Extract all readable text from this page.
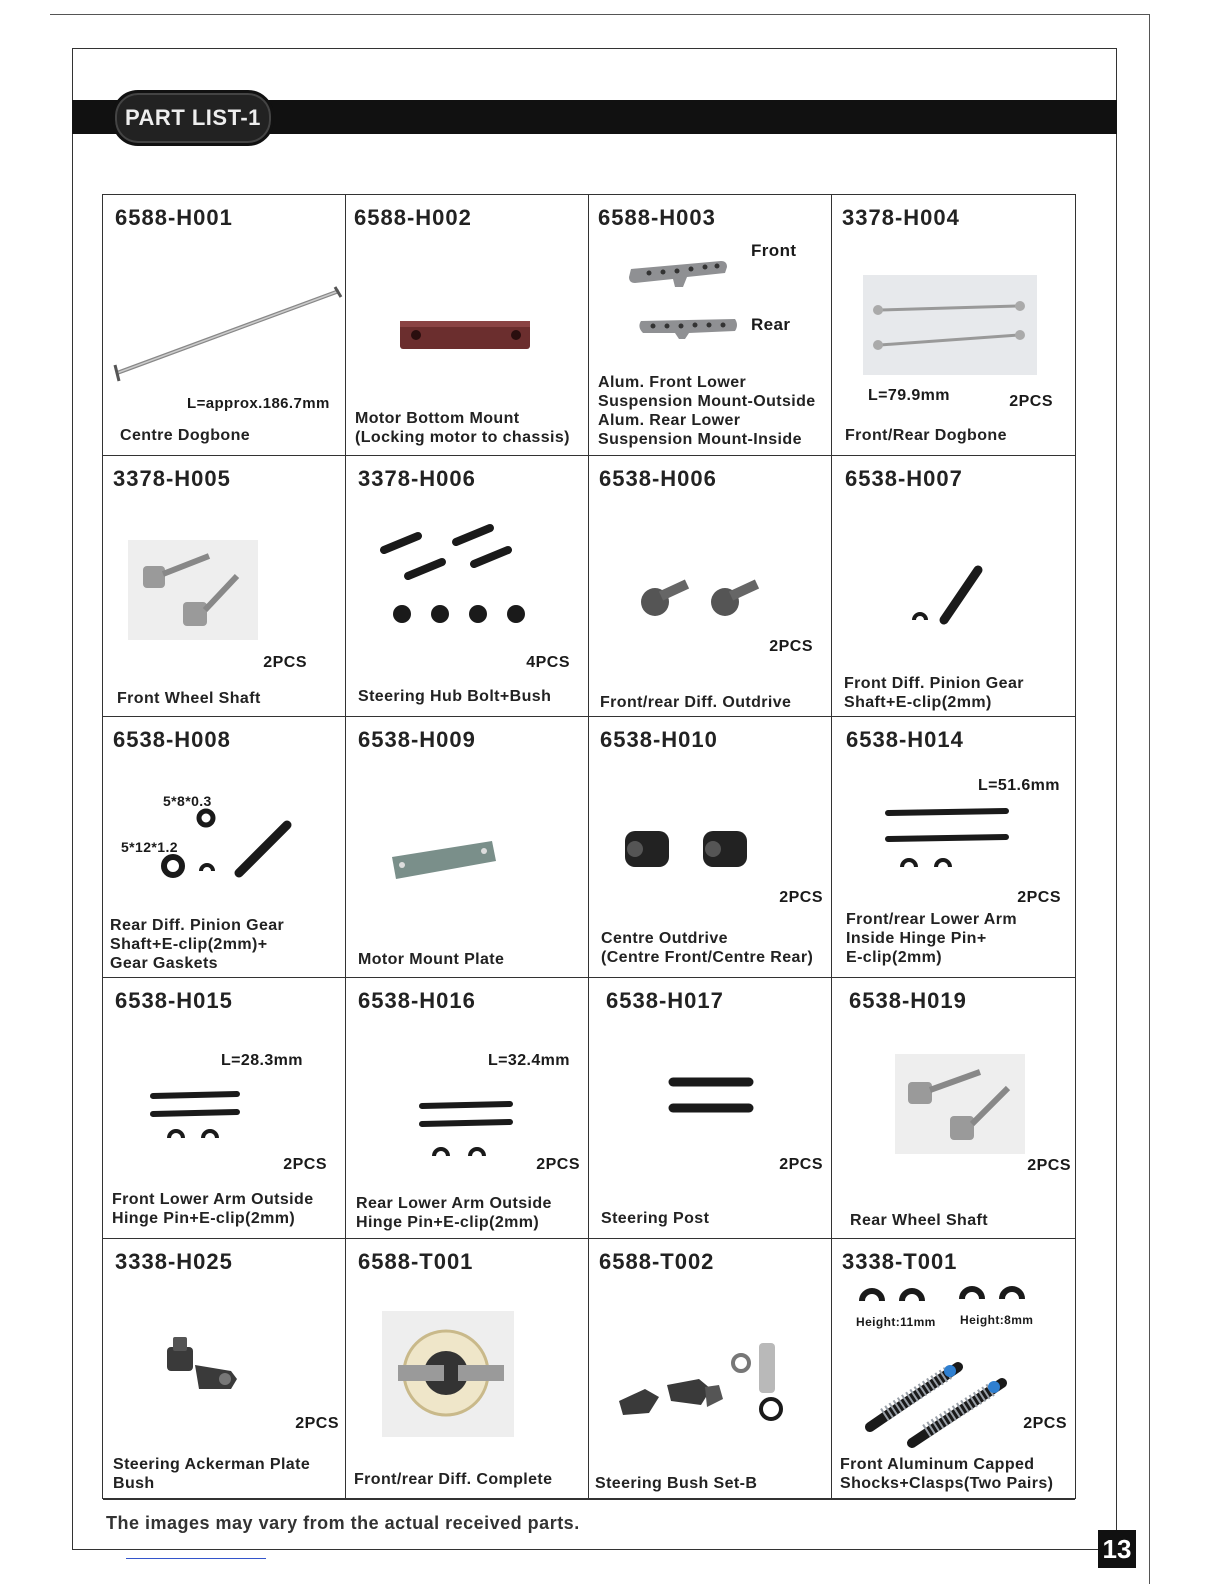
PART LIST-1
6588-H001
L=approx.186.7mm
Centre Dogbone
6588-H002
Motor Bottom Mount
(Locking motor to chassis)
6588-H003
Front
Rear
Alum. Front Lower
Suspension Mount-Outside
Alum. Rear Lower
Suspension Mount-Inside
3378-H004
L=79.9mm	2PCS
Front/Rear Dogbone
3378-H005
2PCS
Front Wheel Shaft
3378-H006
4PCS
Steering Hub Bolt+Bush
6538-H006
2PCS
Front/rear Diff. Outdrive
6538-H007
Front Diff. Pinion Gear
Shaft+E-clip(2mm)
6538-H008
5*8*0.3
5*12*1.2
Rear Diff. Pinion Gear
Shaft+E-clip(2mm)+
Gear Gaskets
6538-H009
Motor Mount Plate
6538-H010
2PCS
Centre Outdrive
(Centre Front/Centre Rear)
6538-H014
L=51.6mm
2PCS
Front/rear Lower Arm
Inside Hinge Pin+
E-clip(2mm)
6538-H015
L=28.3mm
2PCS
Front Lower Arm Outside
Hinge Pin+E-clip(2mm)
6538-H016
L=32.4mm
2PCS
Rear Lower Arm Outside
Hinge Pin+E-clip(2mm)
6538-H017
2PCS
Steering Post
6538-H019
2PCS
Rear Wheel Shaft
3338-H025
2PCS
Steering Ackerman Plate
Bush
6588-T001
Front/rear Diff. Complete
6588-T002
Steering Bush Set-B
3338-T001
Height:11mm Height:8mm
2PCS
Front Aluminum Capped
Shocks+Clasps(Two Pairs)
The images may vary from the actual received parts.
13
